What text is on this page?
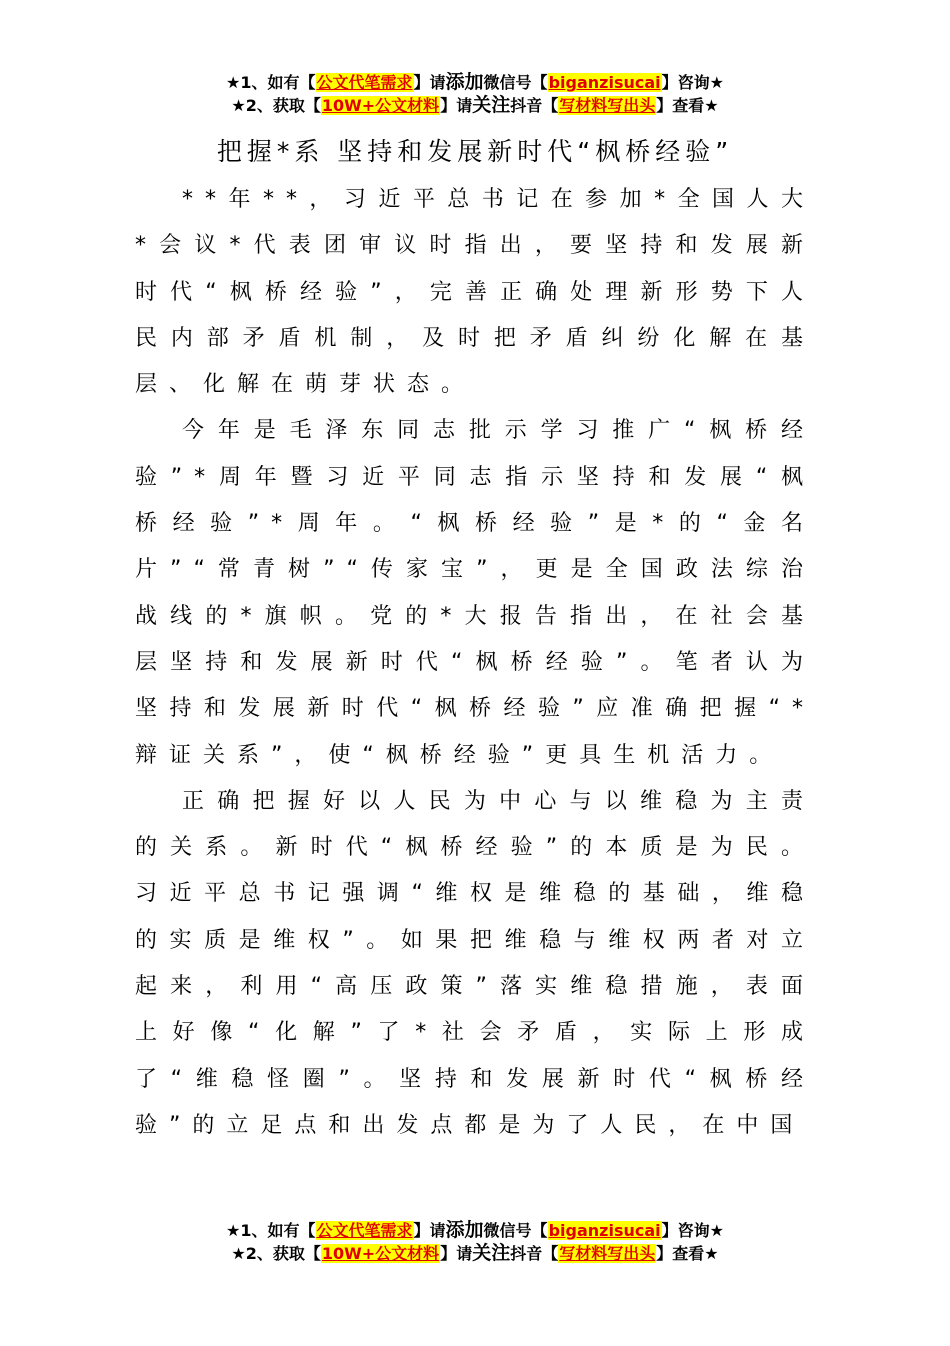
★1、如有【公文代笔需求】请添加微信号【biganzisucai】咨询★
★2、获取【10W+公文材料】请关注抖音【写材料写出头】查看★
把握*系 坚持和发展新时代“枫桥经验”

**年**，习近平总书记在参加*全国人大*会议*代表团审议时指出，要坚持和发展新时代“枫桥经验”，完善正确处理新形势下人民内部矛盾机制，及时把矛盾纠纷化解在基层、化解在萌芽状态。

今年是毛泽东同志批示学习推广“枫桥经验”*周年暨习近平同志指示坚持和发展“枫桥经验”*周年。“枫桥经验”是*的“金名片”“常青树”“传家宝”，更是全国政法综治战线的*旗帜。党的*大报告指出，在社会基层坚持和发展新时代“枫桥经验”。笔者认为坚持和发展新时代“枫桥经验”应准确把握“*辩证关系”，使“枫桥经验”更具生机活力。

正确把握好以人民为中心与以维稳为主责的关系。新时代“枫桥经验”的本质是为民。习近平总书记强调“维权是维稳的基础，维稳的实质是维权”。如果把维稳与维权两者对立起来，利用“高压政策”落实维稳措施，表面上好像“化解”了*社会矛盾，实际上形成了“维稳怪圈”。坚持和发展新时代“枫桥经验”的立足点和出发点都是为了人民，在中国

★1、如有【公文代笔需求】请添加微信号【biganzisucai】咨询★
★2、获取【10W+公文材料】请关注抖音【写材料写出头】查看★
